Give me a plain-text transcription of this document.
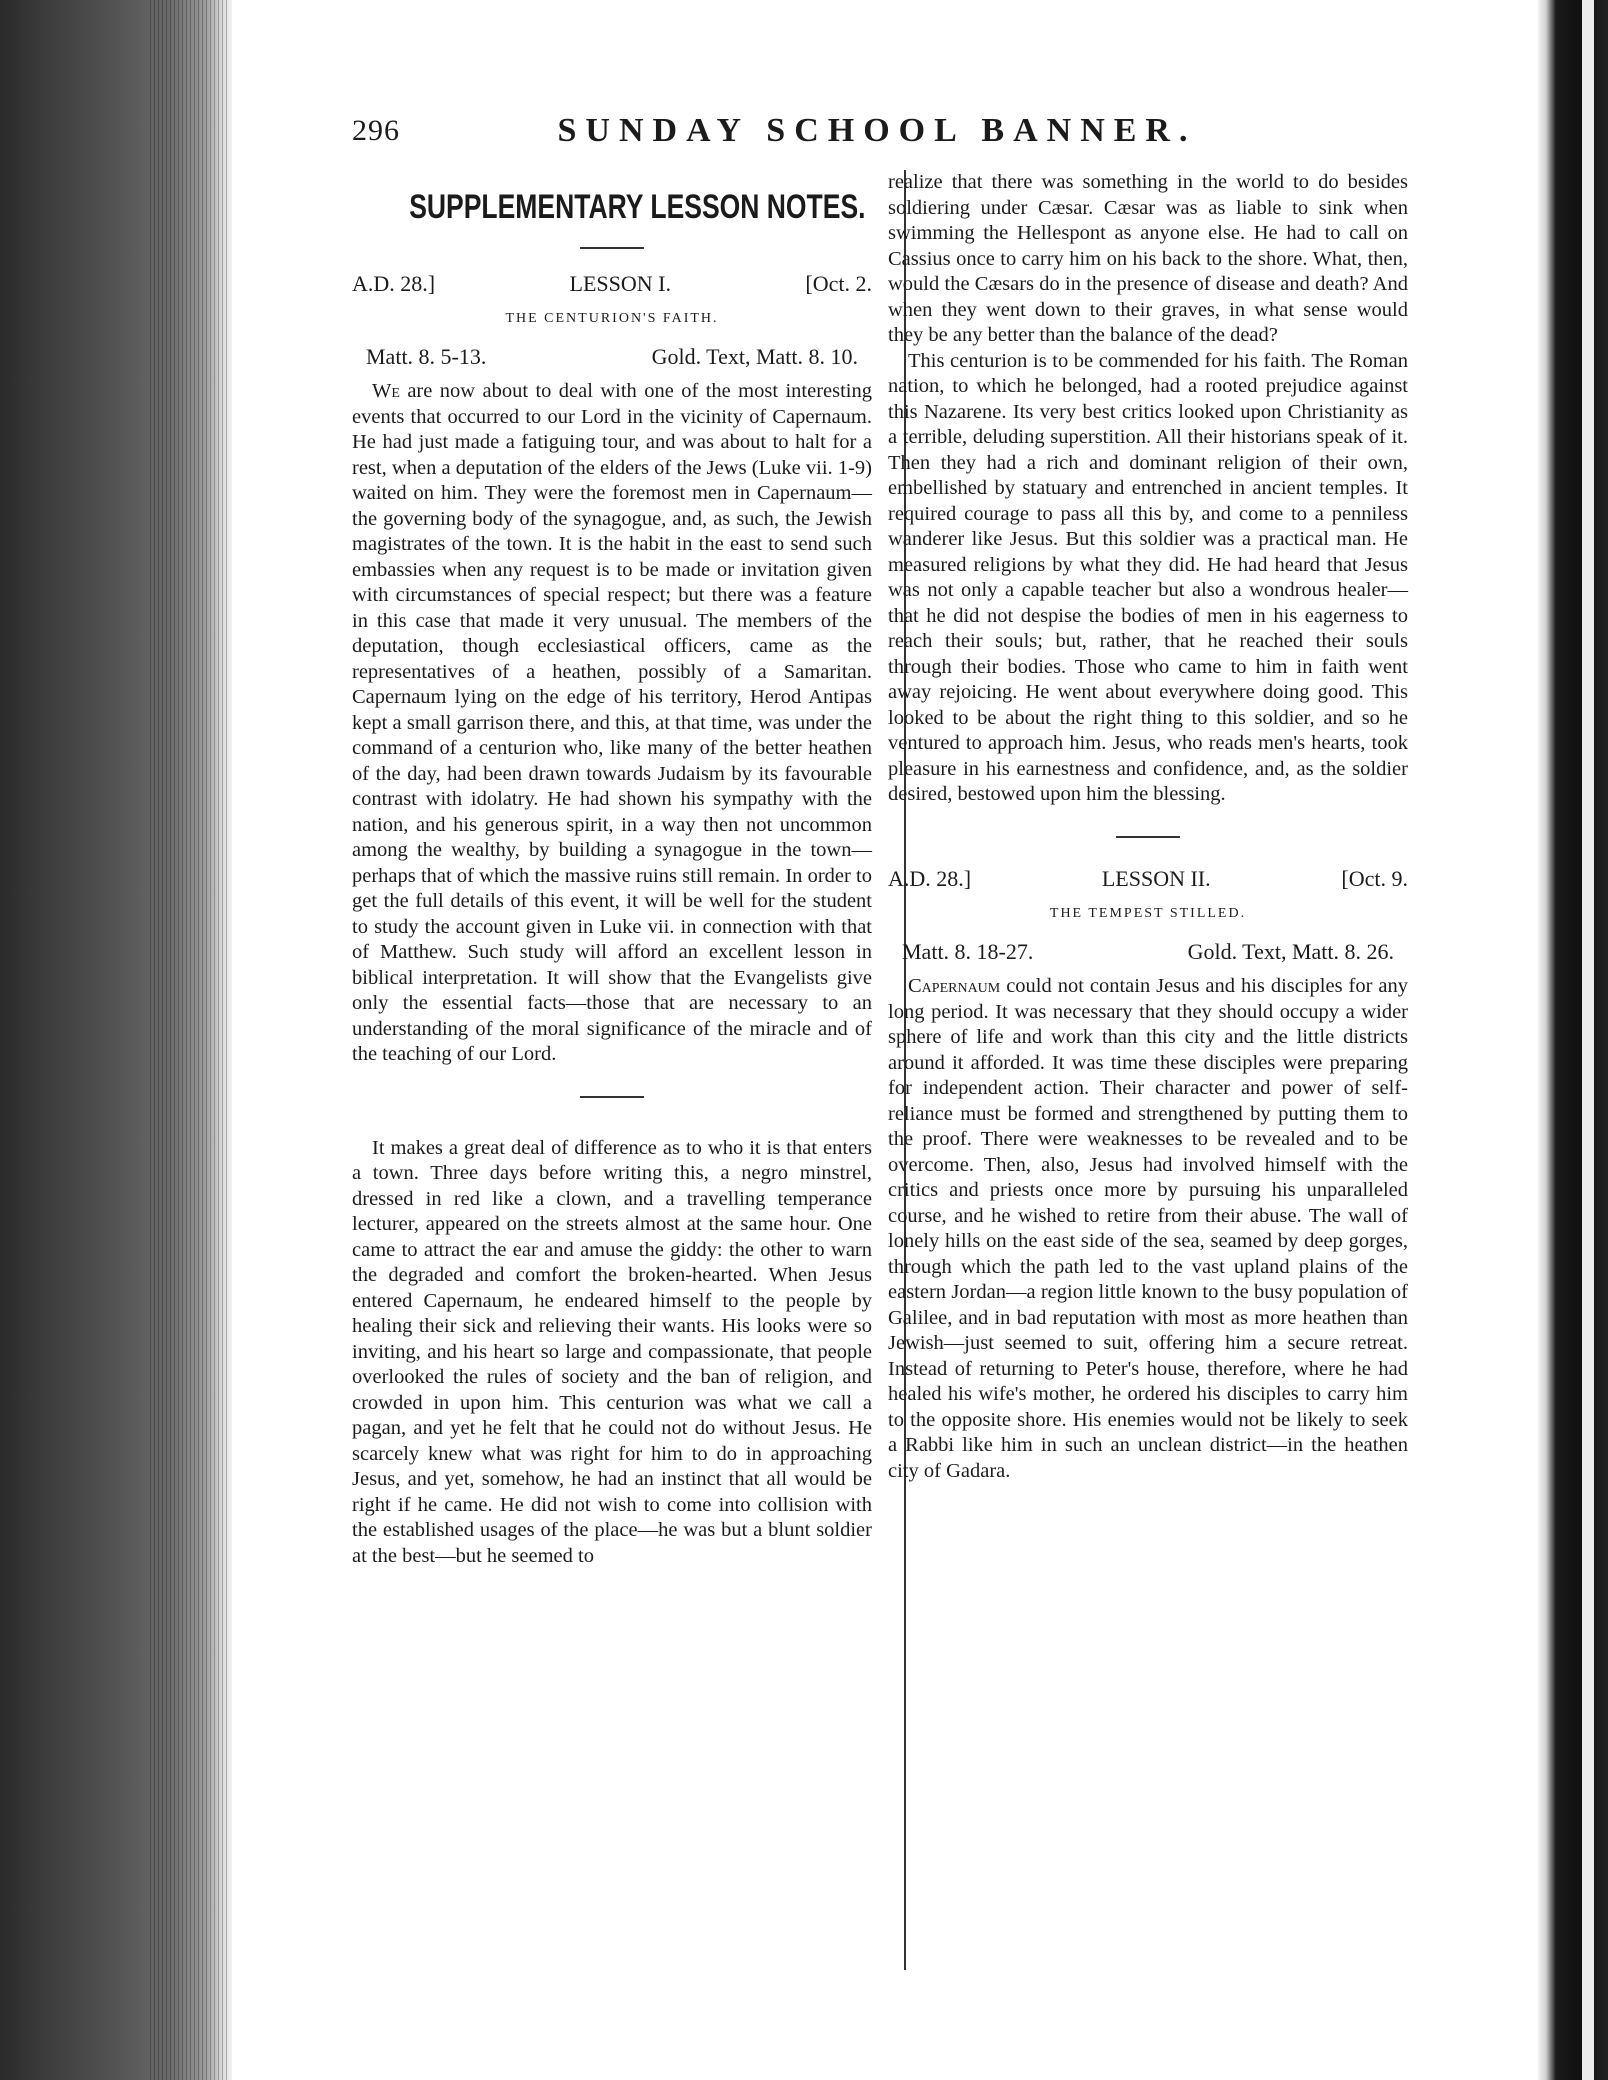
SUNDAY SCHOOL BANNER.
296
SUPPLEMENTARY LESSON NOTES.
A.D. 28.]	LESSON I.	[Oct. 2.
THE CENTURION'S FAITH.
Matt. 8. 5-13.	Gold. Text, Matt. 8. 10.

We are now about to deal with one of the most interesting events that occurred to our Lord in the vicinity of Capernaum. He had just made a fatiguing tour, and was about to halt for a rest, when a deputation of the elders of the Jews (Luke vii. 1-9) waited on him. They were the foremost men in Capernaum—the governing body of the synagogue, and, as such, the Jewish magistrates of the town. It is the habit in the east to send such embassies when any request is to be made or invitation given with circumstances of special respect; but there was a feature in this case that made it very unusual. The members of the deputation, though ecclesiastical officers, came as the representatives of a heathen, possibly of a Samaritan. Capernaum lying on the edge of his territory, Herod Antipas kept a small garrison there, and this, at that time, was under the command of a centurion who, like many of the better heathen of the day, had been drawn towards Judaism by its favourable contrast with idolatry. He had shown his sympathy with the nation, and his generous spirit, in a way then not uncommon among the wealthy, by building a synagogue in the town—perhaps that of which the massive ruins still remain. In order to get the full details of this event, it will be well for the student to study the account given in Luke vii. in connection with that of Matthew. Such study will afford an excellent lesson in biblical interpretation. It will show that the Evangelists give only the essential facts—those that are necessary to an understanding of the moral significance of the miracle and of the teaching of our Lord.

It makes a great deal of difference as to who it is that enters a town. Three days before writing this, a negro minstrel, dressed in red like a clown, and a travelling temperance lecturer, appeared on the streets almost at the same hour. One came to attract the ear and amuse the giddy: the other to warn the degraded and comfort the broken-hearted. When Jesus entered Capernaum, he endeared himself to the people by healing their sick and relieving their wants. His looks were so inviting, and his heart so large and compassionate, that people overlooked the rules of society and the ban of religion, and crowded in upon him. This centurion was what we call a pagan, and yet he felt that he could not do without Jesus. He scarcely knew what was right for him to do in approaching Jesus, and yet, somehow, he had an instinct that all would be right if he came. He did not wish to come into collision with the established usages of the place—he was but a blunt soldier at the best—but he seemed to

realize that there was something in the world to do besides soldiering under Cæsar. Cæsar was as liable to sink when swimming the Hellespont as anyone else. He had to call on Cassius once to carry him on his back to the shore. What, then, would the Cæsars do in the presence of disease and death? And when they went down to their graves, in what sense would they be any better than the balance of the dead?

This centurion is to be commended for his faith. The Roman nation, to which he belonged, had a rooted prejudice against this Nazarene. Its very best critics looked upon Christianity as a terrible, deluding superstition. All their historians speak of it. Then they had a rich and dominant religion of their own, embellished by statuary and entrenched in ancient temples. It required courage to pass all this by, and come to a penniless wanderer like Jesus. But this soldier was a practical man. He measured religions by what they did. He had heard that Jesus was not only a capable teacher but also a wondrous healer—that he did not despise the bodies of men in his eagerness to reach their souls; but, rather, that he reached their souls through their bodies. Those who came to him in faith went away rejoicing. He went about everywhere doing good. This looked to be about the right thing to this soldier, and so he ventured to approach him. Jesus, who reads men's hearts, took pleasure in his earnestness and confidence, and, as the soldier desired, bestowed upon him the blessing.

A.D. 28.]	LESSON II.	[Oct. 9.
THE TEMPEST STILLED.
Matt. 8. 18-27.	Gold. Text, Matt. 8. 26.

Capernaum could not contain Jesus and his disciples for any long period. It was necessary that they should occupy a wider sphere of life and work than this city and the little districts around it afforded. It was time these disciples were preparing for independent action. Their character and power of self-reliance must be formed and strengthened by putting them to the proof. There were weaknesses to be revealed and to be overcome. Then, also, Jesus had involved himself with the critics and priests once more by pursuing his unparalleled course, and he wished to retire from their abuse. The wall of lonely hills on the east side of the sea, seamed by deep gorges, through which the path led to the vast upland plains of the eastern Jordan—a region little known to the busy population of Galilee, and in bad reputation with most as more heathen than Jewish—just seemed to suit, offering him a secure retreat. Instead of returning to Peter's house, therefore, where he had healed his wife's mother, he ordered his disciples to carry him to the opposite shore. His enemies would not be likely to seek a Rabbi like him in such an unclean district—in the heathen city of Gadara.
